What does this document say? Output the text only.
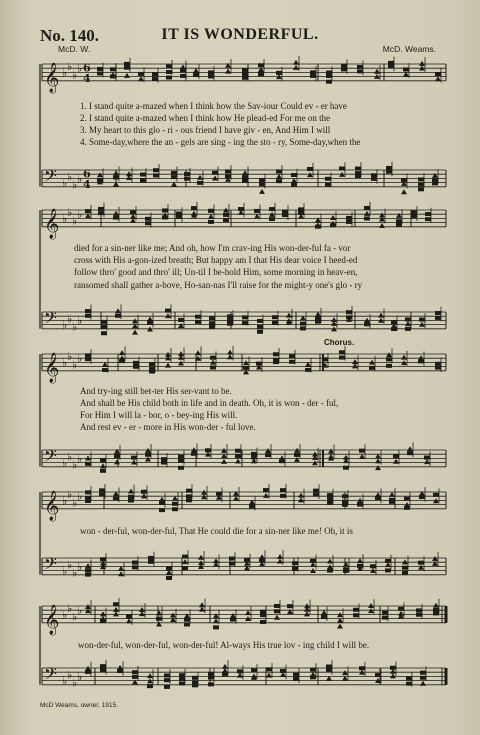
IT IS WONDERFUL.
No. 140.
McD. W.	McD. Weams.
𝄞 ♭ ♭
♭ ♭ 6
4
𝄢 ♭ ♭
♭ ♭ 6
4
𝄞 ♭ ♭
♭ ♭
𝄢 ♭ ♭
♭ ♭
𝄞 ♭ ♭
♭ ♭
𝄢 ♭ ♭
♭ ♭
𝄞 ♭ ♭
♭ ♭
𝄢 ♭ ♭
♭ ♭
𝄞 ♭ ♭
♭ ♭
𝄢 ♭ ♭
♭ ♭
1. I stand quite a-mazed when I think how the Sav-iour Could ev - er have
2. I stand quite a-mazed when I think how He plead-ed For me on the
3. My heart to this glo - ri - ous friend I have giv - en, And Him I will
4. Some-day,where the an - gels are sing - ing the sto - ry, Some-day,when the
died for a sin-ner like me; And oh, how I'm crav-ing His won-der-ful fa - vor
cross with His a-gon-ized breath; But happy am I that His dear voice I heed-ed
follow thro' good and thro' ill; Un-til I be-hold Him, some morning in heav-en,
ransomed shall gather a-bove, Ho-san-nas I'll raise for the might-y one's glo - ry
Chorus.
And try-ing still bet-ter His ser-vant to be.
And shall be His child both in life and in death. Oh, it is won - der - ful,
For Him I will la - bor, o - bey-ing His will.
And rest ev - er - more in His won-der - ful love.
won - der-ful, won-der-ful, That He could die for a sin-ner like me! Oh, it is
won-der-ful, won-der-ful, won-der-ful! Al-ways His true lov - ing child I will be.
McD Weams, owner, 1915.
